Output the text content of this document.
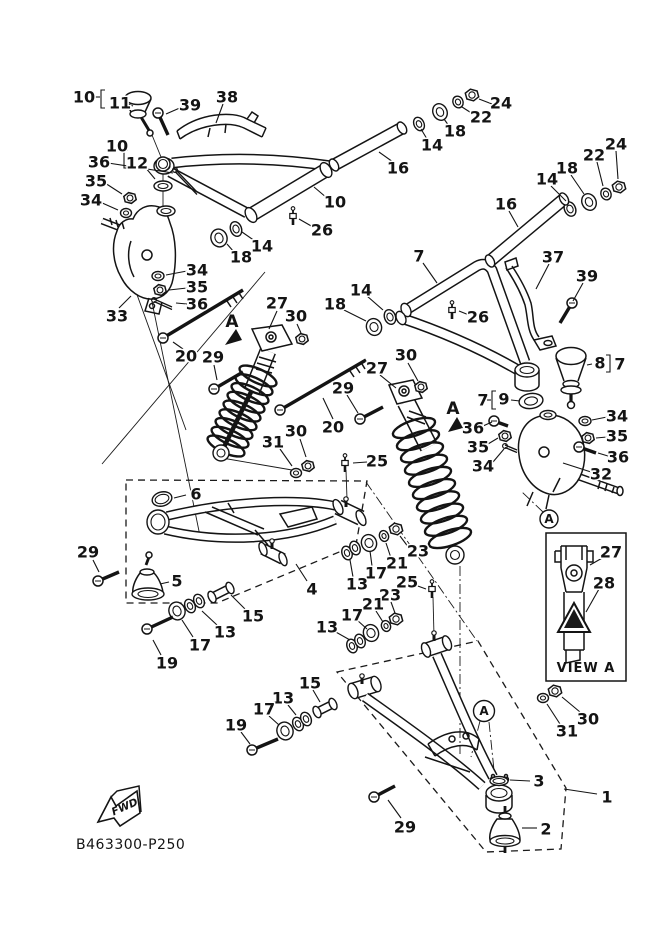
VIEW A
FWD
B463300-P250
A
A
A
A
10 11	39 38
14
18
22
24
16
10
12
36
35
34
26
10
14
18
34
35
36
33
20 29
27
30
18
14
16
14
18
22
24
7	37
39
26
8 7
30
27
29
20
7 9
34
35
36
32
36
35
34
30
31
25
6
23
21
17
13
4
29
5
15
13
17
19
25
23
21
17
13
15
13
17
19	30
31
3
1
2
29
27
28
